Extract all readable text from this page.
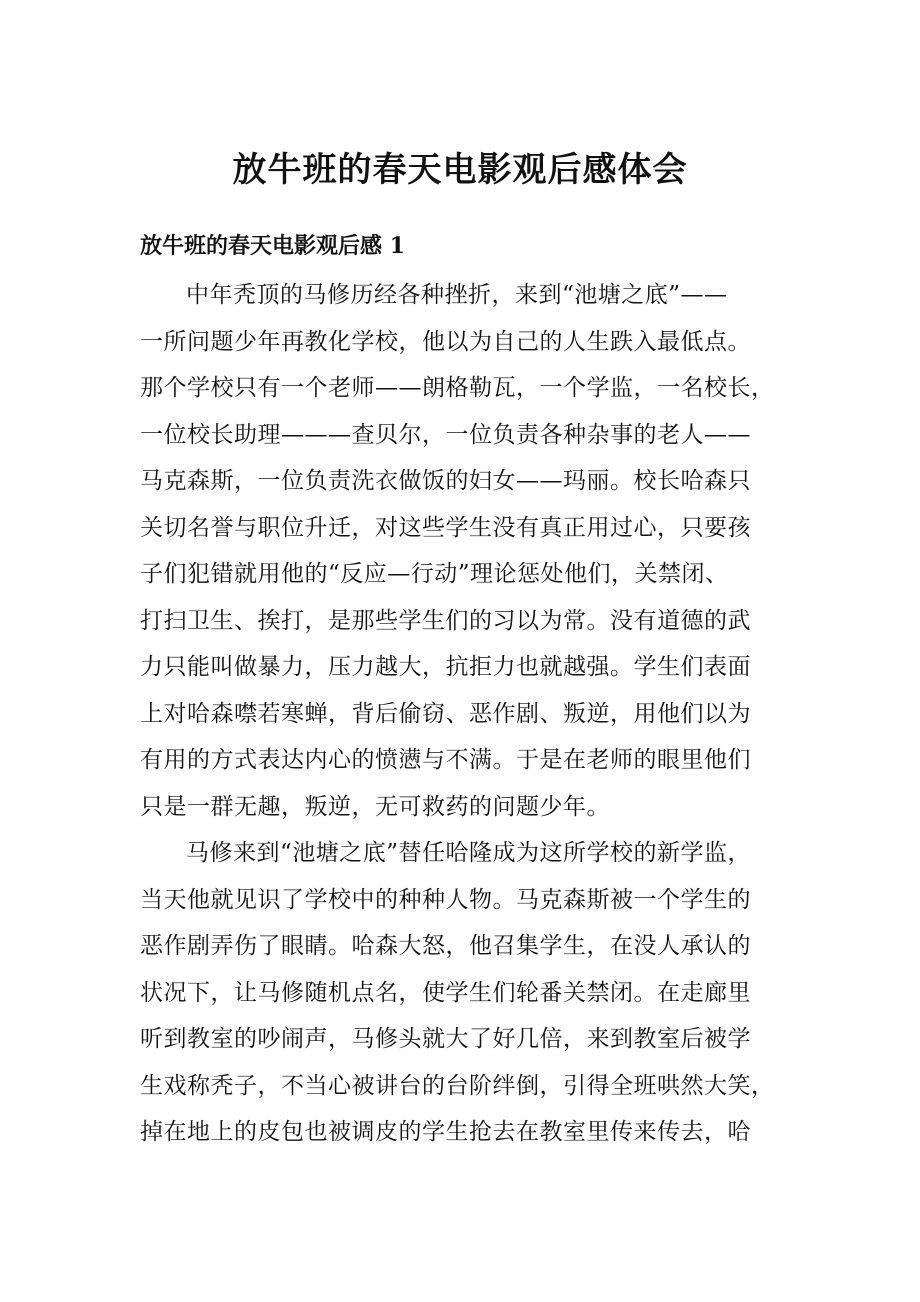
放牛班的春天电影观后感体会
放牛班的春天电影观后感 1
中年秃顶的马修历经各种挫折，来到“池塘之底”——
一所问题少年再教化学校，他以为自己的人生跌入最低点。
那个学校只有一个老师——朗格勒瓦，一个学监，一名校长，
一位校长助理———查贝尔，一位负责各种杂事的老人——
马克森斯，一位负责洗衣做饭的妇女——玛丽。校长哈森只
关切名誉与职位升迁，对这些学生没有真正用过心，只要孩
子们犯错就用他的“反应—行动”理论惩处他们，关禁闭、
打扫卫生、挨打，是那些学生们的习以为常。没有道德的武
力只能叫做暴力，压力越大，抗拒力也就越强。学生们表面
上对哈森噤若寒蝉，背后偷窃、恶作剧、叛逆，用他们以为
有用的方式表达内心的愤懑与不满。于是在老师的眼里他们
只是一群无趣，叛逆，无可救药的问题少年。
马修来到“池塘之底”替任哈隆成为这所学校的新学监，
当天他就见识了学校中的种种人物。马克森斯被一个学生的
恶作剧弄伤了眼睛。哈森大怒，他召集学生，在没人承认的
状况下，让马修随机点名，使学生们轮番关禁闭。在走廊里
听到教室的吵闹声，马修头就大了好几倍，来到教室后被学
生戏称秃子，不当心被讲台的台阶绊倒，引得全班哄然大笑，
掉在地上的皮包也被调皮的学生抢去在教室里传来传去，哈
